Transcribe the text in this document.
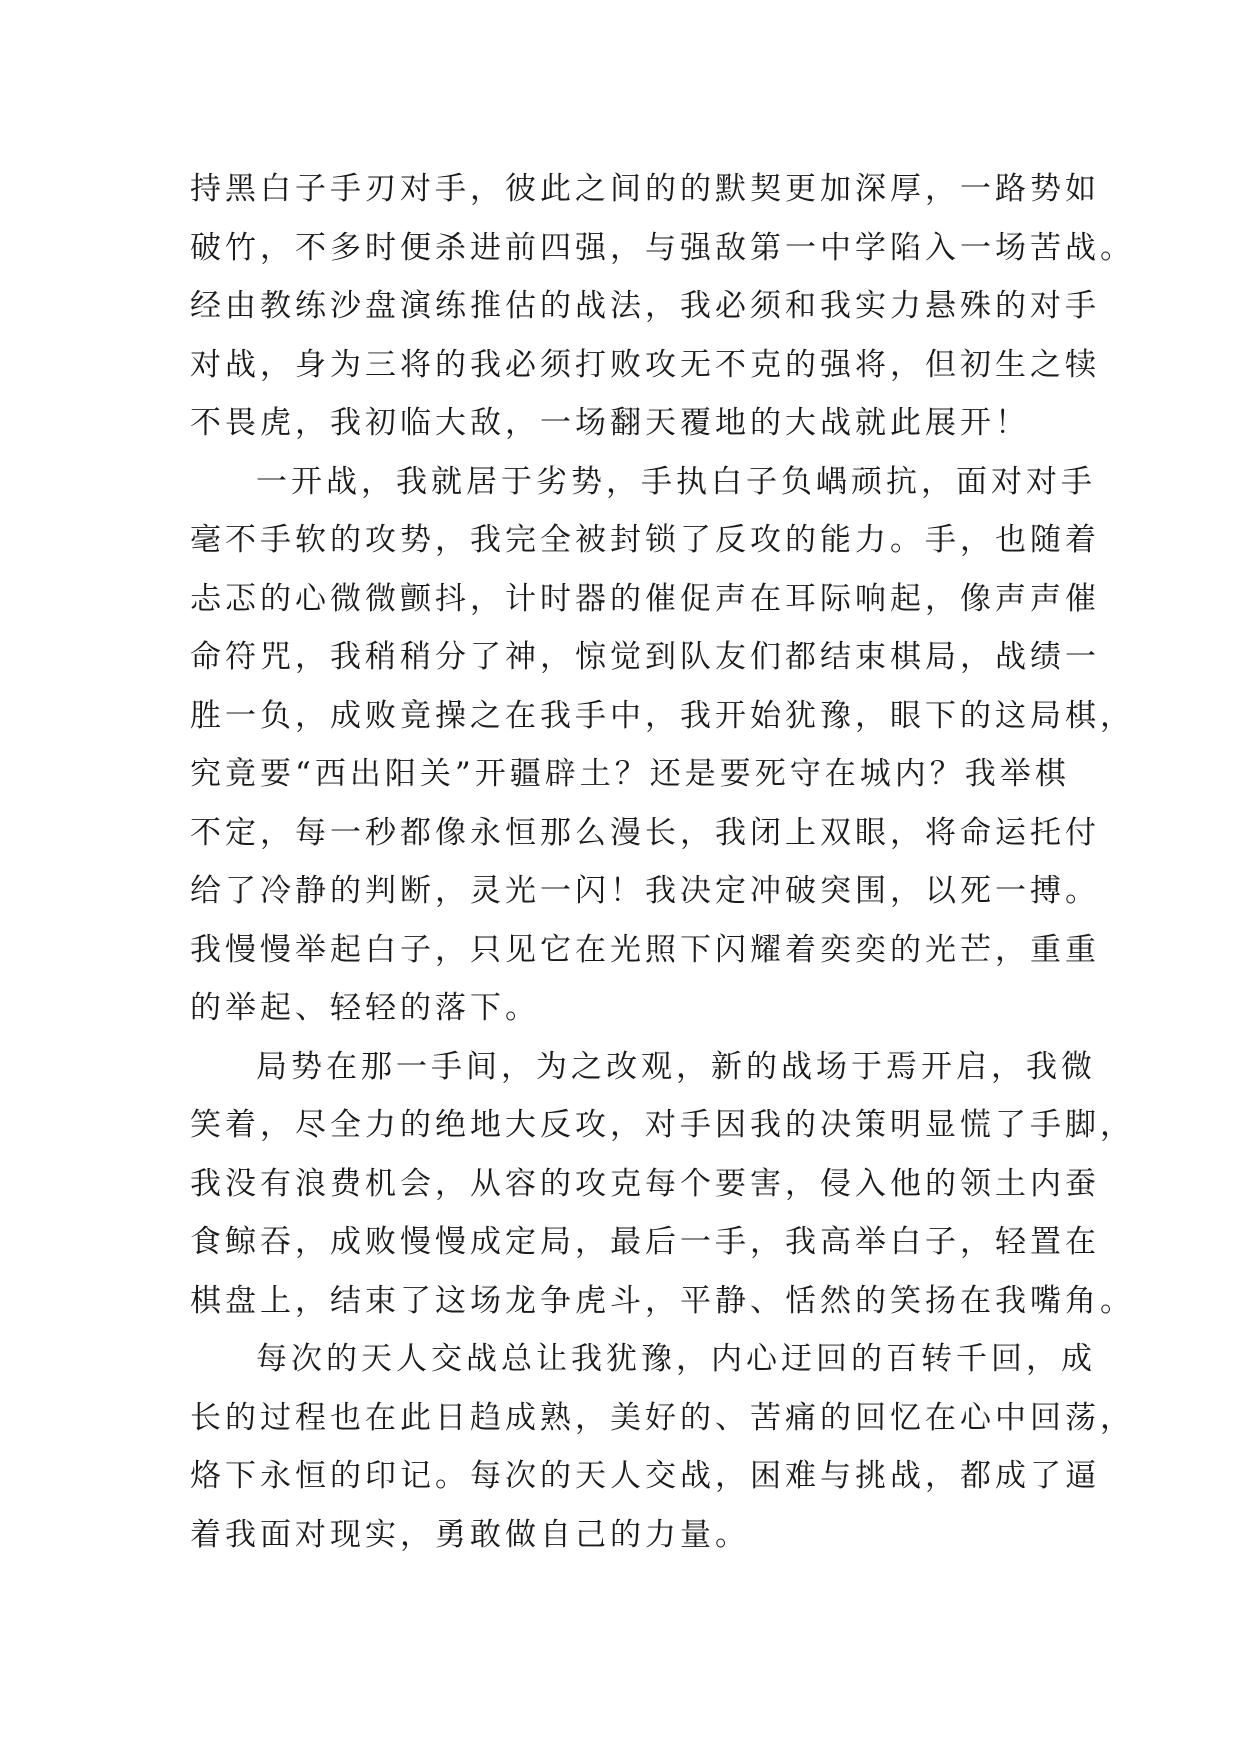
持黑白子手刃对手，彼此之间的的默契更加深厚，一路势如
破竹，不多时便杀进前四强，与强敌第一中学陷入一场苦战。
经由教练沙盘演练推估的战法，我必须和我实力悬殊的对手
对战，身为三将的我必须打败攻无不克的强将，但初生之犊
不畏虎，我初临大敌，一场翻天覆地的大战就此展开！
一开战，我就居于劣势，手执白子负嵎顽抗，面对对手
毫不手软的攻势，我完全被封锁了反攻的能力。手，也随着
忐忑的心微微颤抖，计时器的催促声在耳际响起，像声声催
命符咒，我稍稍分了神，惊觉到队友们都结束棋局，战绩一
胜一负，成败竟操之在我手中，我开始犹豫，眼下的这局棋，
究竟要“西出阳关”开疆辟土？还是要死守在城内？我举棋
不定，每一秒都像永恒那么漫长，我闭上双眼，将命运托付
给了冷静的判断，灵光一闪！我决定冲破突围，以死一搏。
我慢慢举起白子，只见它在光照下闪耀着奕奕的光芒，重重
的举起、轻轻的落下。
局势在那一手间，为之改观，新的战场于焉开启，我微
笑着，尽全力的绝地大反攻，对手因我的决策明显慌了手脚，
我没有浪费机会，从容的攻克每个要害，侵入他的领土内蚕
食鲸吞，成败慢慢成定局，最后一手，我高举白子，轻置在
棋盘上，结束了这场龙争虎斗，平静、恬然的笑扬在我嘴角。
每次的天人交战总让我犹豫，内心迂回的百转千回，成
长的过程也在此日趋成熟，美好的、苦痛的回忆在心中回荡，
烙下永恒的印记。每次的天人交战，困难与挑战，都成了逼
着我面对现实，勇敢做自己的力量。
